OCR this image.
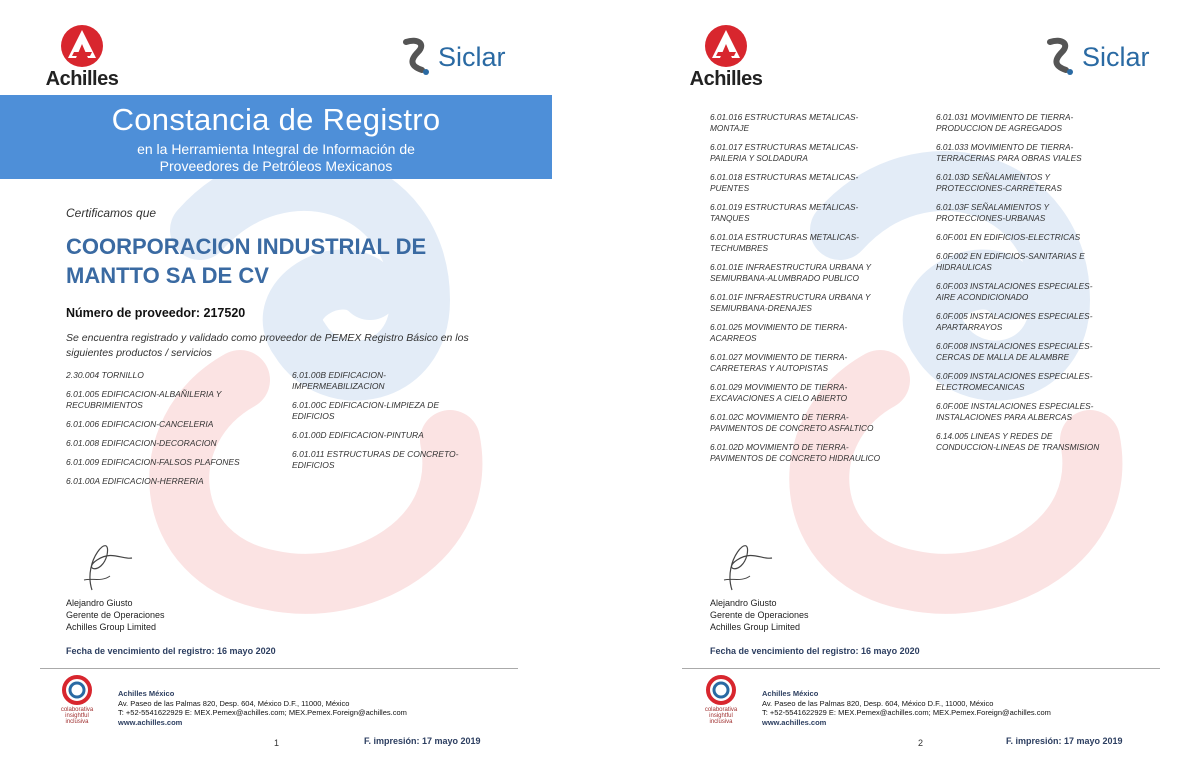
Achilles
Siclar
Constancia de Registro
en la Herramienta Integral de Información de
Proveedores de Petróleos Mexicanos
Certificamos que
COORPORACION INDUSTRIAL DE
MANTTO SA DE CV
Número de proveedor: 217520
Se encuentra registrado y validado como proveedor de PEMEX Registro Básico en los siguientes productos / servicios
2.30.004 TORNILLO
6.01.005 EDIFICACION-ALBAÑILERIA Y
RECUBRIMIENTOS
6.01.006 EDIFICACION-CANCELERIA
6.01.008 EDIFICACION-DECORACION
6.01.009 EDIFICACION-FALSOS PLAFONES
6.01.00A EDIFICACION-HERRERIA
6.01.00B EDIFICACION-
IMPERMEABILIZACION
6.01.00C EDIFICACION-LIMPIEZA DE
EDIFICIOS
6.01.00D EDIFICACION-PINTURA
6.01.011 ESTRUCTURAS DE CONCRETO-
EDIFICIOS
Alejandro Giusto
Gerente de Operaciones
Achilles Group Limited
Fecha de vencimiento del registro: 16 mayo 2020
colaborativa
insightful
inclusiva
Achilles México
Av. Paseo de las Palmas 820, Desp. 604, México D.F., 11000, México
T: +52-5541622929 E: MEX.Pemex@achilles.com; MEX.Pemex.Foreign@achilles.com
www.achilles.com
1	F. impresión: 17 mayo 2019
Achilles
Siclar
6.01.016 ESTRUCTURAS METALICAS-
MONTAJE
6.01.017 ESTRUCTURAS METALICAS-
PAILERIA Y SOLDADURA
6.01.018 ESTRUCTURAS METALICAS-
PUENTES
6.01.019 ESTRUCTURAS METALICAS-
TANQUES
6.01.01A ESTRUCTURAS METALICAS-
TECHUMBRES
6.01.01E INFRAESTRUCTURA URBANA Y
SEMIURBANA-ALUMBRADO PUBLICO
6.01.01F INFRAESTRUCTURA URBANA Y
SEMIURBANA-DRENAJES
6.01.025 MOVIMIENTO DE TIERRA-
ACARREOS
6.01.027 MOVIMIENTO DE TIERRA-
CARRETERAS Y AUTOPISTAS
6.01.029 MOVIMIENTO DE TIERRA-
EXCAVACIONES A CIELO ABIERTO
6.01.02C MOVIMIENTO DE TIERRA-
PAVIMENTOS DE CONCRETO ASFALTICO
6.01.02D MOVIMIENTO DE TIERRA-
PAVIMENTOS DE CONCRETO HIDRAULICO
6.01.031 MOVIMIENTO DE TIERRA-
PRODUCCION DE AGREGADOS
6.01.033 MOVIMIENTO DE TIERRA-
TERRACERIAS PARA OBRAS VIALES
6.01.03D SEÑALAMIENTOS Y
PROTECCIONES-CARRETERAS
6.01.03F SEÑALAMIENTOS Y
PROTECCIONES-URBANAS
6.0F.001 EN EDIFICIOS-ELECTRICAS
6.0F.002 EN EDIFICIOS-SANITARIAS E
HIDRAULICAS
6.0F.003 INSTALACIONES ESPECIALES-
AIRE ACONDICIONADO
6.0F.005 INSTALACIONES ESPECIALES-
APARTARRAYOS
6.0F.008 INSTALACIONES ESPECIALES-
CERCAS DE MALLA DE ALAMBRE
6.0F.009 INSTALACIONES ESPECIALES-
ELECTROMECANICAS
6.0F.00E INSTALACIONES ESPECIALES-
INSTALACIONES PARA ALBERCAS
6.14.005 LINEAS Y REDES DE
CONDUCCION-LINEAS DE TRANSMISION
Alejandro Giusto
Gerente de Operaciones
Achilles Group Limited
Fecha de vencimiento del registro: 16 mayo 2020
colaborativa
insightful
inclusiva
Achilles México
Av. Paseo de las Palmas 820, Desp. 604, México D.F., 11000, México
T: +52-5541622929 E: MEX.Pemex@achilles.com; MEX.Pemex.Foreign@achilles.com
www.achilles.com
2	F. impresión: 17 mayo 2019
